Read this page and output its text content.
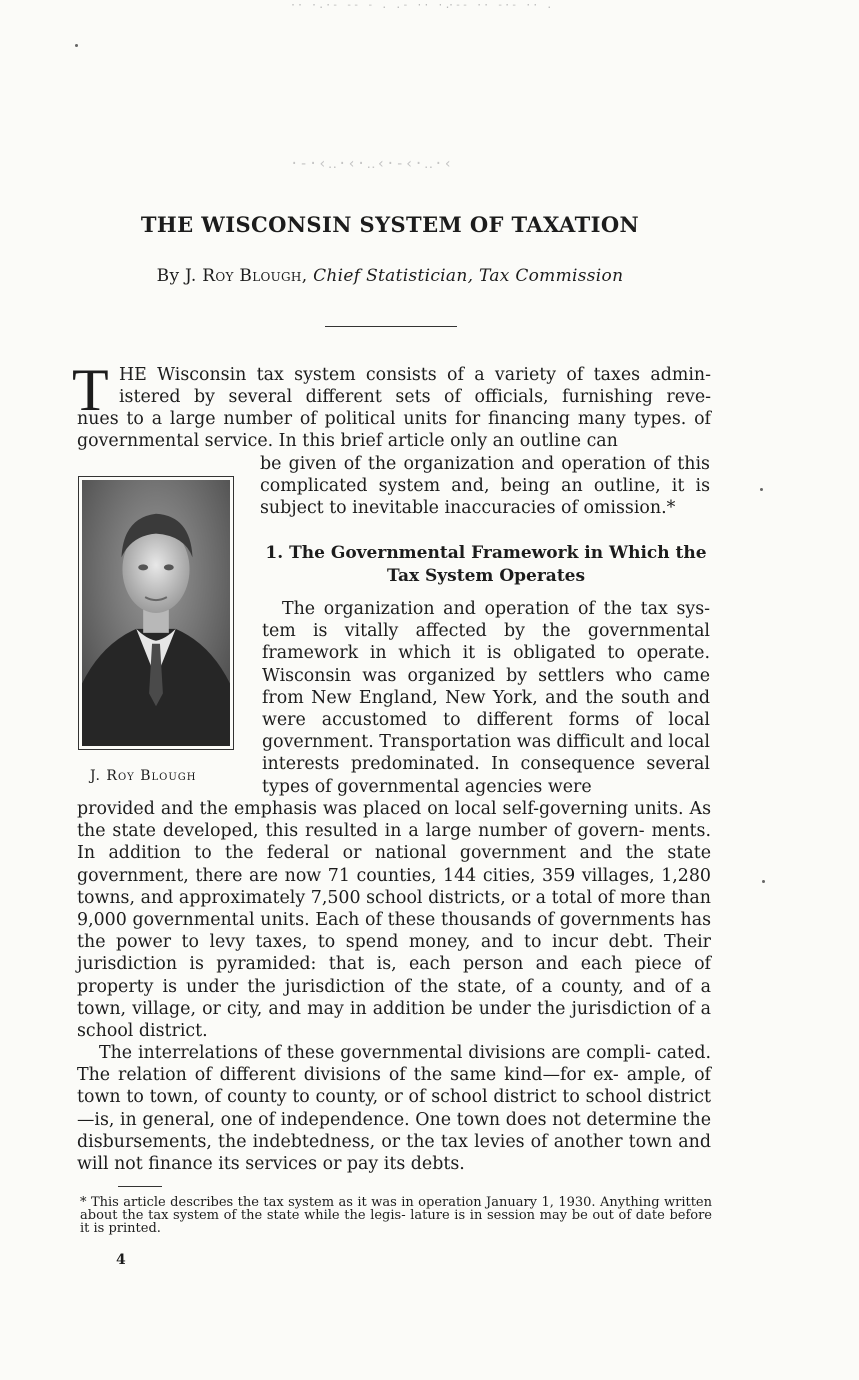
·· ·.·- -- - . .- ·· ·.
·-- ·· -·- ·· .
·-·‹‥·‹·‥‹·-‹·‥·‹
THE WISCONSIN SYSTEM OF TAXATION
By J. Roy Blough, Chief Statistician, Tax Commission
T HE Wisconsin tax system consists of a variety of taxes admin-
istered by several different sets of officials, furnishing reve-
nues to a large number of political units for financing many types. of governmental service. In this brief article only an outline can
be given of the organization and operation of this complicated system and, being an outline, it is subject to inevitable inaccuracies of omission.*
J. Roy Blough
1. The Governmental Framework in Which the Tax System Operates
The organization and operation of the tax sys- tem is vitally affected by the governmental framework in which it is obligated to operate. Wisconsin was organized by settlers who came from New England, New York, and the south and were accustomed to different forms of local government. Transportation was difficult and local interests predominated. In consequence several types of governmental agencies were
provided and the emphasis was placed on local self-governing units. As the state developed, this resulted in a large number of govern- ments. In addition to the federal or national government and the state government, there are now 71 counties, 144 cities, 359 villages, 1,280 towns, and approximately 7,500 school districts, or a total of more than 9,000 governmental units. Each of these thousands of governments has the power to levy taxes, to spend money, and to incur debt. Their jurisdiction is pyramided: that is, each person and each piece of property is under the jurisdiction of the state, of a county, and of a town, village, or city, and may in addition be under the jurisdiction of a school district.
The interrelations of these governmental divisions are compli- cated. The relation of different divisions of the same kind—for ex- ample, of town to town, of county to county, or of school district to school district—is, in general, one of independence. One town does not determine the disbursements, the indebtedness, or the tax levies of another town and will not finance its services or pay its debts.
* This article describes the tax system as it was in operation January 1, 1930. Anything written about the tax system of the state while the legis- lature is in session may be out of date before it is printed.
4
